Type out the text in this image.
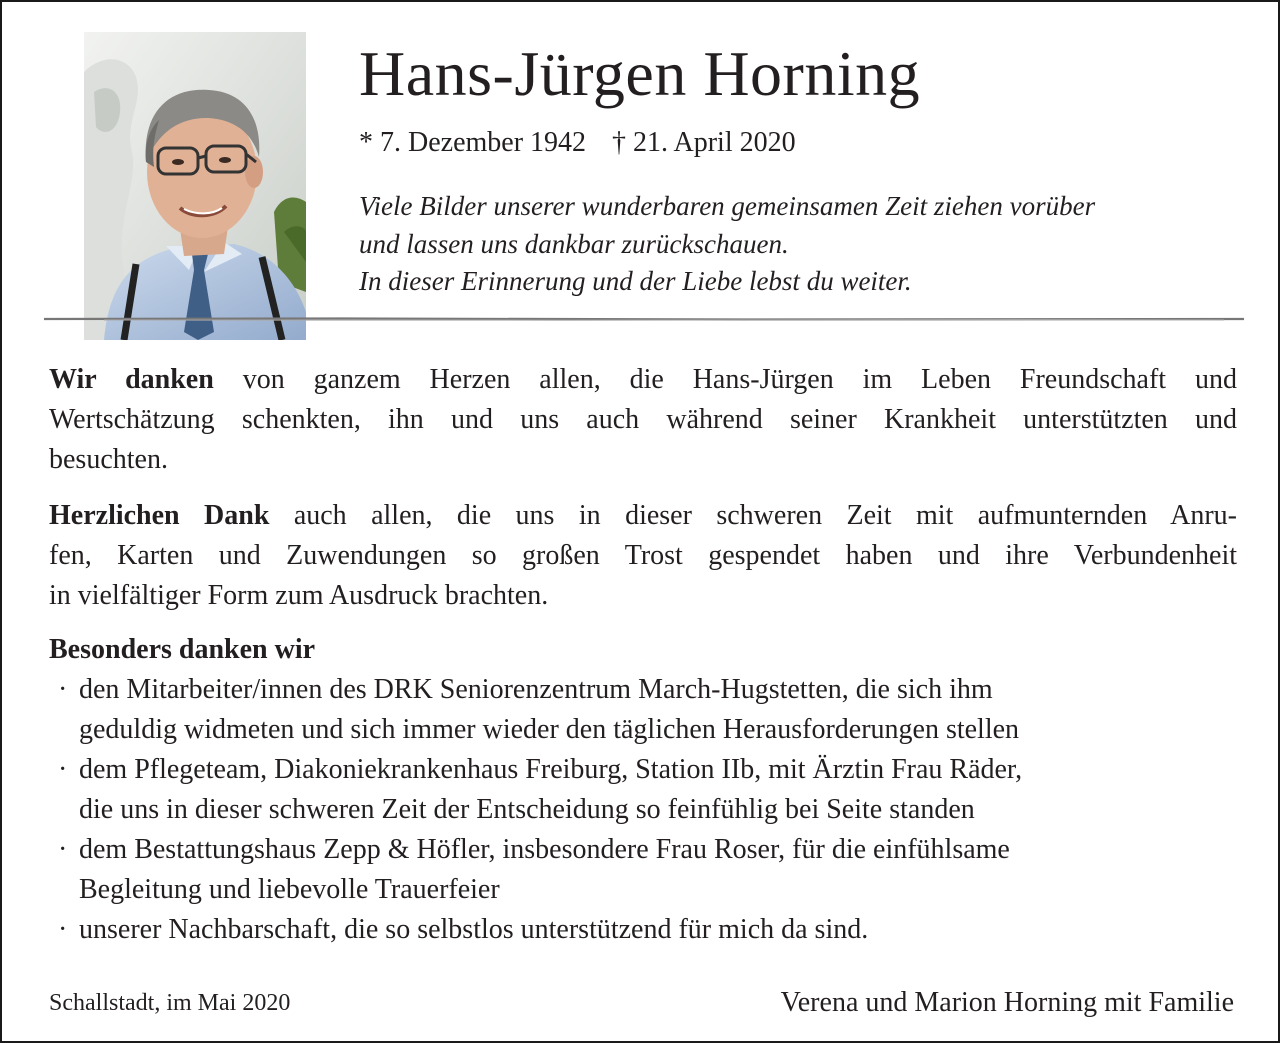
Hans-Jürgen Horning
* 7. Dezember 1942 † 21. April 2020
Viele Bilder unserer wunderbaren gemeinsamen Zeit ziehen vorüber
und lassen uns dankbar zurückschauen.
In dieser Erinnerung und der Liebe lebst du weiter.
Wir danken von ganzem Herzen allen, die Hans-Jürgen im Leben Freundschaft und
Wertschätzung schenkten, ihn und uns auch während seiner Krankheit unterstützten und
besuchten.
Herzlichen Dank auch allen, die uns in dieser schweren Zeit mit aufmunternden Anru-
fen, Karten und Zuwendungen so großen Trost gespendet haben und ihre Verbundenheit
in vielfältiger Form zum Ausdruck brachten.
Besonders danken wir
· den Mitarbeiter/innen des DRK Seniorenzentrum March-Hugstetten, die sich ihm
geduldig widmeten und sich immer wieder den täglichen Herausforderungen stellen
· dem Pflegeteam, Diakoniekrankenhaus Freiburg, Station IIb, mit Ärztin Frau Räder,
die uns in dieser schweren Zeit der Entscheidung so feinfühlig bei Seite standen
· dem Bestattungshaus Zepp & Höfler, insbesondere Frau Roser, für die einfühlsame
Begleitung und liebevolle Trauerfeier
· unserer Nachbarschaft, die so selbstlos unterstützend für mich da sind.
Schallstadt, im Mai 2020	Verena und Marion Horning mit Familie
